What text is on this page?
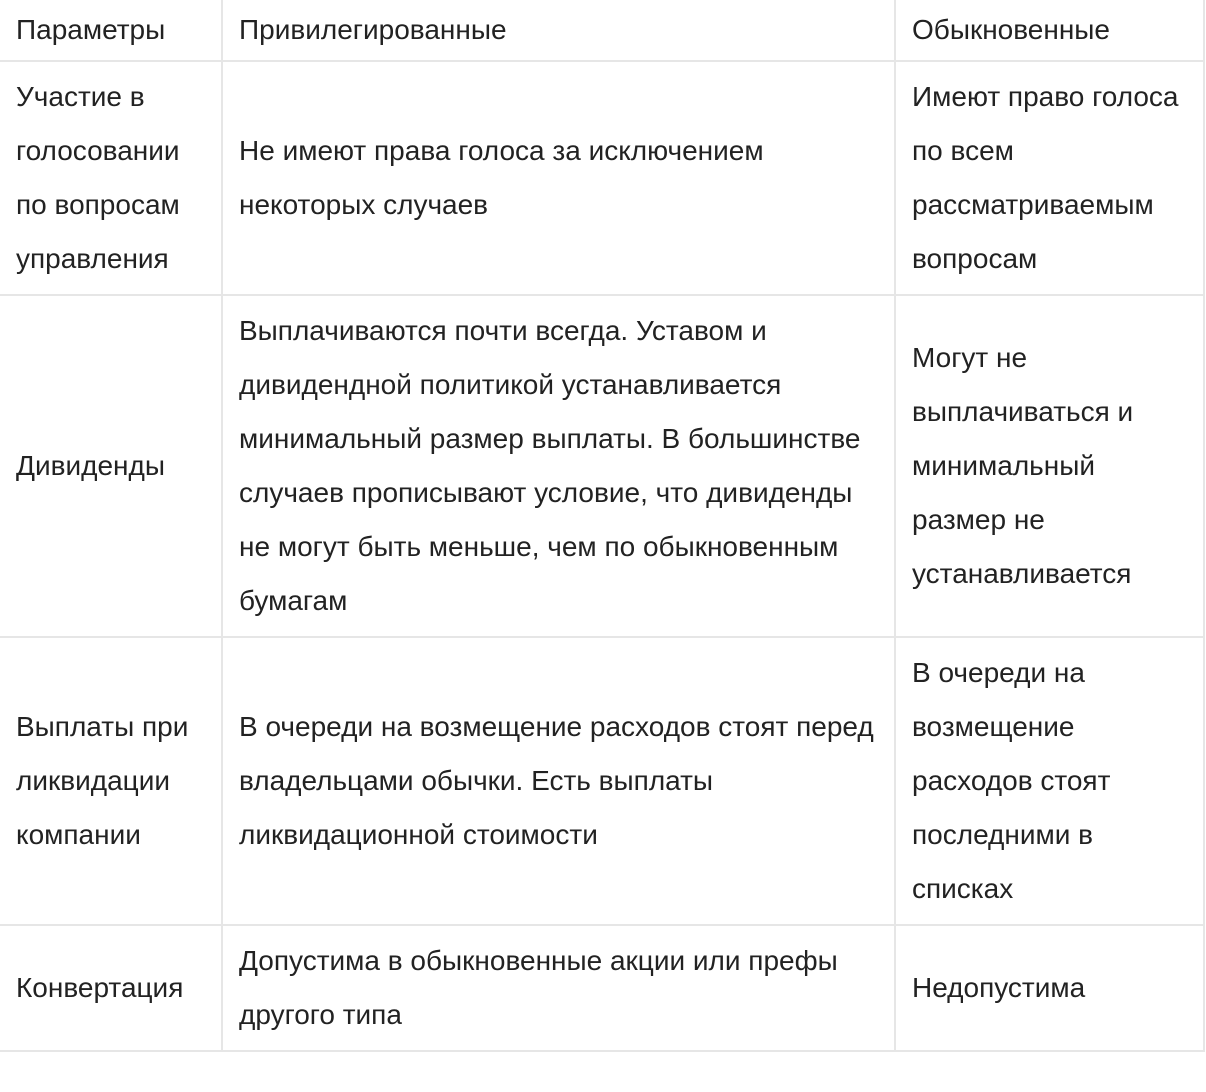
Параметры	Привилегированные	Обыкновенные
Участие в голосовании по вопросам управления	Не имеют права голоса за исключением некоторых случаев	Имеют право голоса по всем рассматриваемым вопросам
Дивиденды	Выплачиваются почти всегда. Уставом и дивидендной политикой устанавливается минимальный размер выплаты. В большинстве случаев прописывают условие, что дивиденды не могут быть меньше, чем по обыкновенным бумагам	Могут не выплачиваться и минимальный размер не устанавливается
Выплаты при ликвидации компании	В очереди на возмещение расходов стоят перед владельцами обычки. Есть выплаты ликвидационной стоимости	В очереди на возмещение расходов стоят последними в списках
Конвертация	Допустима в обыкновенные акции или префы другого типа	Недопустима
